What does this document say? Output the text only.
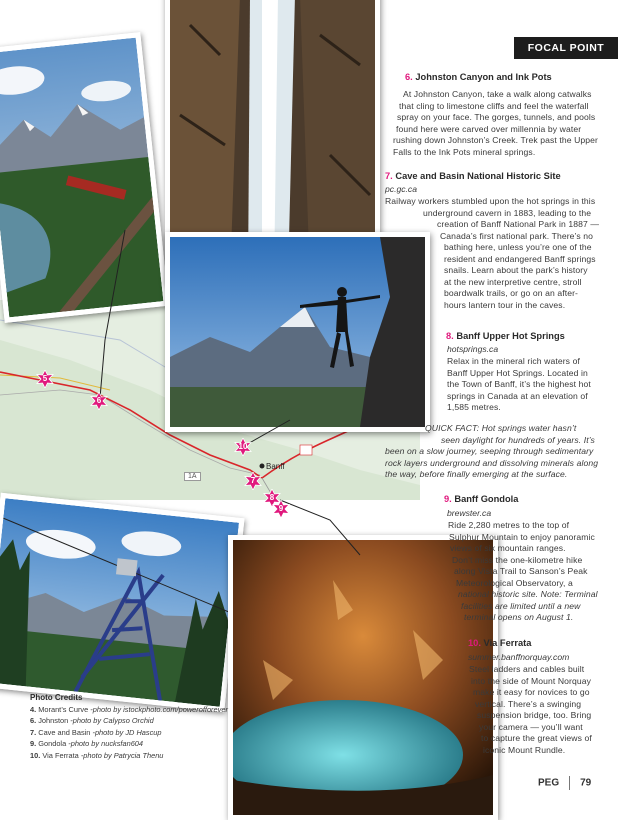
1A
Banff
5
6
10
7
8
9
FOCAL POINT
6. Johnston Canyon and Ink Pots
At Johnston Canyon, take a walk along catwalks
that cling to limestone cliffs and feel the waterfall
spray on your face. The gorges, tunnels, and pools
found here were carved over millennia by water
rushing down Johnston’s Creek. Trek past the Upper
Falls to the Ink Pots mineral springs.
7. Cave and Basin National Historic Site
pc.gc.ca
Railway workers stumbled upon the hot springs in this
underground cavern in 1883, leading to the
creation of Banff National Park in 1887 —
Canada’s first national park. There’s no
bathing here, unless you’re one of the
resident and endangered Banff springs
snails. Learn about the park’s history
at the new interpretive centre, stroll
boardwalk trails, or go on an after-
hours lantern tour in the caves.
8. Banff Upper Hot Springs
hotsprings.ca
Relax in the mineral rich waters of
Banff Upper Hot Springs. Located in
the Town of Banff, it’s the highest hot
springs in Canada at an elevation of
1,585 metres.
QUICK FACT: Hot springs water hasn’t
seen daylight for hundreds of years. It’s
been on a slow journey, seeping through sedimentary
rock layers underground and dissolving minerals along
the way, before finally emerging at the surface.
9. Banff Gondola
brewster.ca
Ride 2,280 metres to the top of
Sulphur Mountain to enjoy panoramic
views of six mountain ranges.
Don’t miss the one-kilometre hike
along Vista Trail to Sanson’s Peak
Meteorological Observatory, a
national historic site. Note: Terminal
facilities are limited until a new
terminal opens on August 1.
10. Via Ferrata
summer.banffnorquay.com
Steel ladders and cables built
into the side of Mount Norquay
make it easy for novices to go
vertical. There’s a swinging
suspension bridge, too. Bring
your camera — you’ll want
to capture the great views of
iconic Mount Rundle.
Photo Credits
4. Morant’s Curve -photo by istockphoto.com/powerofforever
6. Johnston -photo by Calypso Orchid
7. Cave and Basin -photo by JD Hascup
9. Gondola -photo by nucksfan604
10. Via Ferrata -photo by Patrycia Thenu
PEG 79
